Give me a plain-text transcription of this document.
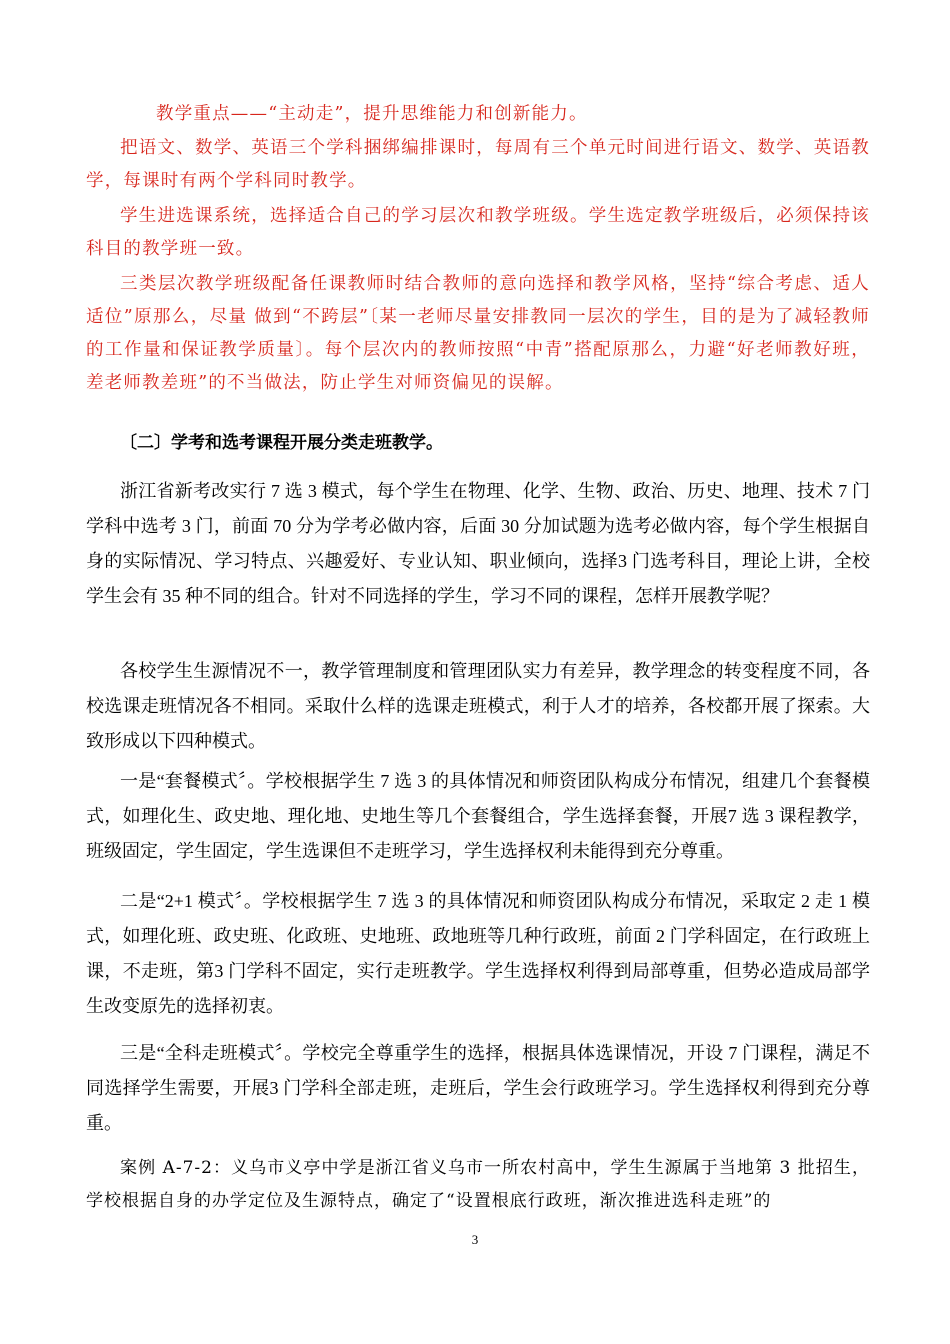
教学重点——“主动走”，提升思维能力和创新能力。

把语文、数学、英语三个学科捆绑编排课时，每周有三个单元时间进行语文、数学、英语教学，每课时有两个学科同时教学。

学生进选课系统，选择适合自己的学习层次和教学班级。学生选定教学班级后，必须保持该科目的教学班一致。

三类层次教学班级配备任课教师时结合教师的意向选择和教学风格，坚持“综合考虑、适人适位”原那么，尽量 做到“不跨层”〔某一老师尽量安排教同一层次的学生，目的是为了减轻教师的工作量和保证教学质量〕。每个层次内的教师按照“中青”搭配原那么，力避“好老师教好班，差老师教差班”的不当做法，防止学生对师资偏见的误解。

〔二〕学考和选考课程开展分类走班教学。

浙江省新考改实行 7 选 3 模式，每个学生在物理、化学、生物、政治、历史、地理、技术 7 门学科中选考 3 门，前面 70 分为学考必做内容，后面 30 分加试题为选考必做内容，每个学生根据自身的实际情况、学习特点、兴趣爱好、专业认知、职业倾向，选择3 门选考科目，理论上讲，全校学生会有 35 种不同的组合。针对不同选择的学生，学习不同的课程，怎样开展教学呢？

各校学生生源情况不一，教学管理制度和管理团队实力有差异，教学理念的转变程度不同，各校选课走班情况各不相同。采取什么样的选课走班模式，利于人才的培养，各校都开展了探索。大致形成以下四种模式。

一是“套餐模式〞。学校根据学生 7 选 3 的具体情况和师资团队构成分布情况，组建几个套餐模式，如理化生、政史地、理化地、史地生等几个套餐组合，学生选择套餐，开展7 选 3 课程教学，班级固定，学生固定，学生选课但不走班学习，学生选择权利未能得到充分尊重。

二是“2+1 模式〞。学校根据学生 7 选 3 的具体情况和师资团队构成分布情况，采取定 2 走 1 模式，如理化班、政史班、化政班、史地班、政地班等几种行政班，前面 2 门学科固定，在行政班上课，不走班，第3 门学科不固定，实行走班教学。学生选择权利得到局部尊重，但势必造成局部学生改变原先的选择初衷。

三是“全科走班模式〞。学校完全尊重学生的选择，根据具体选课情况，开设 7 门课程，满足不同选择学生需要，开展3 门学科全部走班，走班后，学生会行政班学习。学生选择权利得到充分尊重。

案例 A-7-2：义乌市义亭中学是浙江省义乌市一所农村高中，学生生源属于当地第 3 批招生，学校根据自身的办学定位及生源特点，确定了“设置根底行政班，渐次推进选科走班”的

3
